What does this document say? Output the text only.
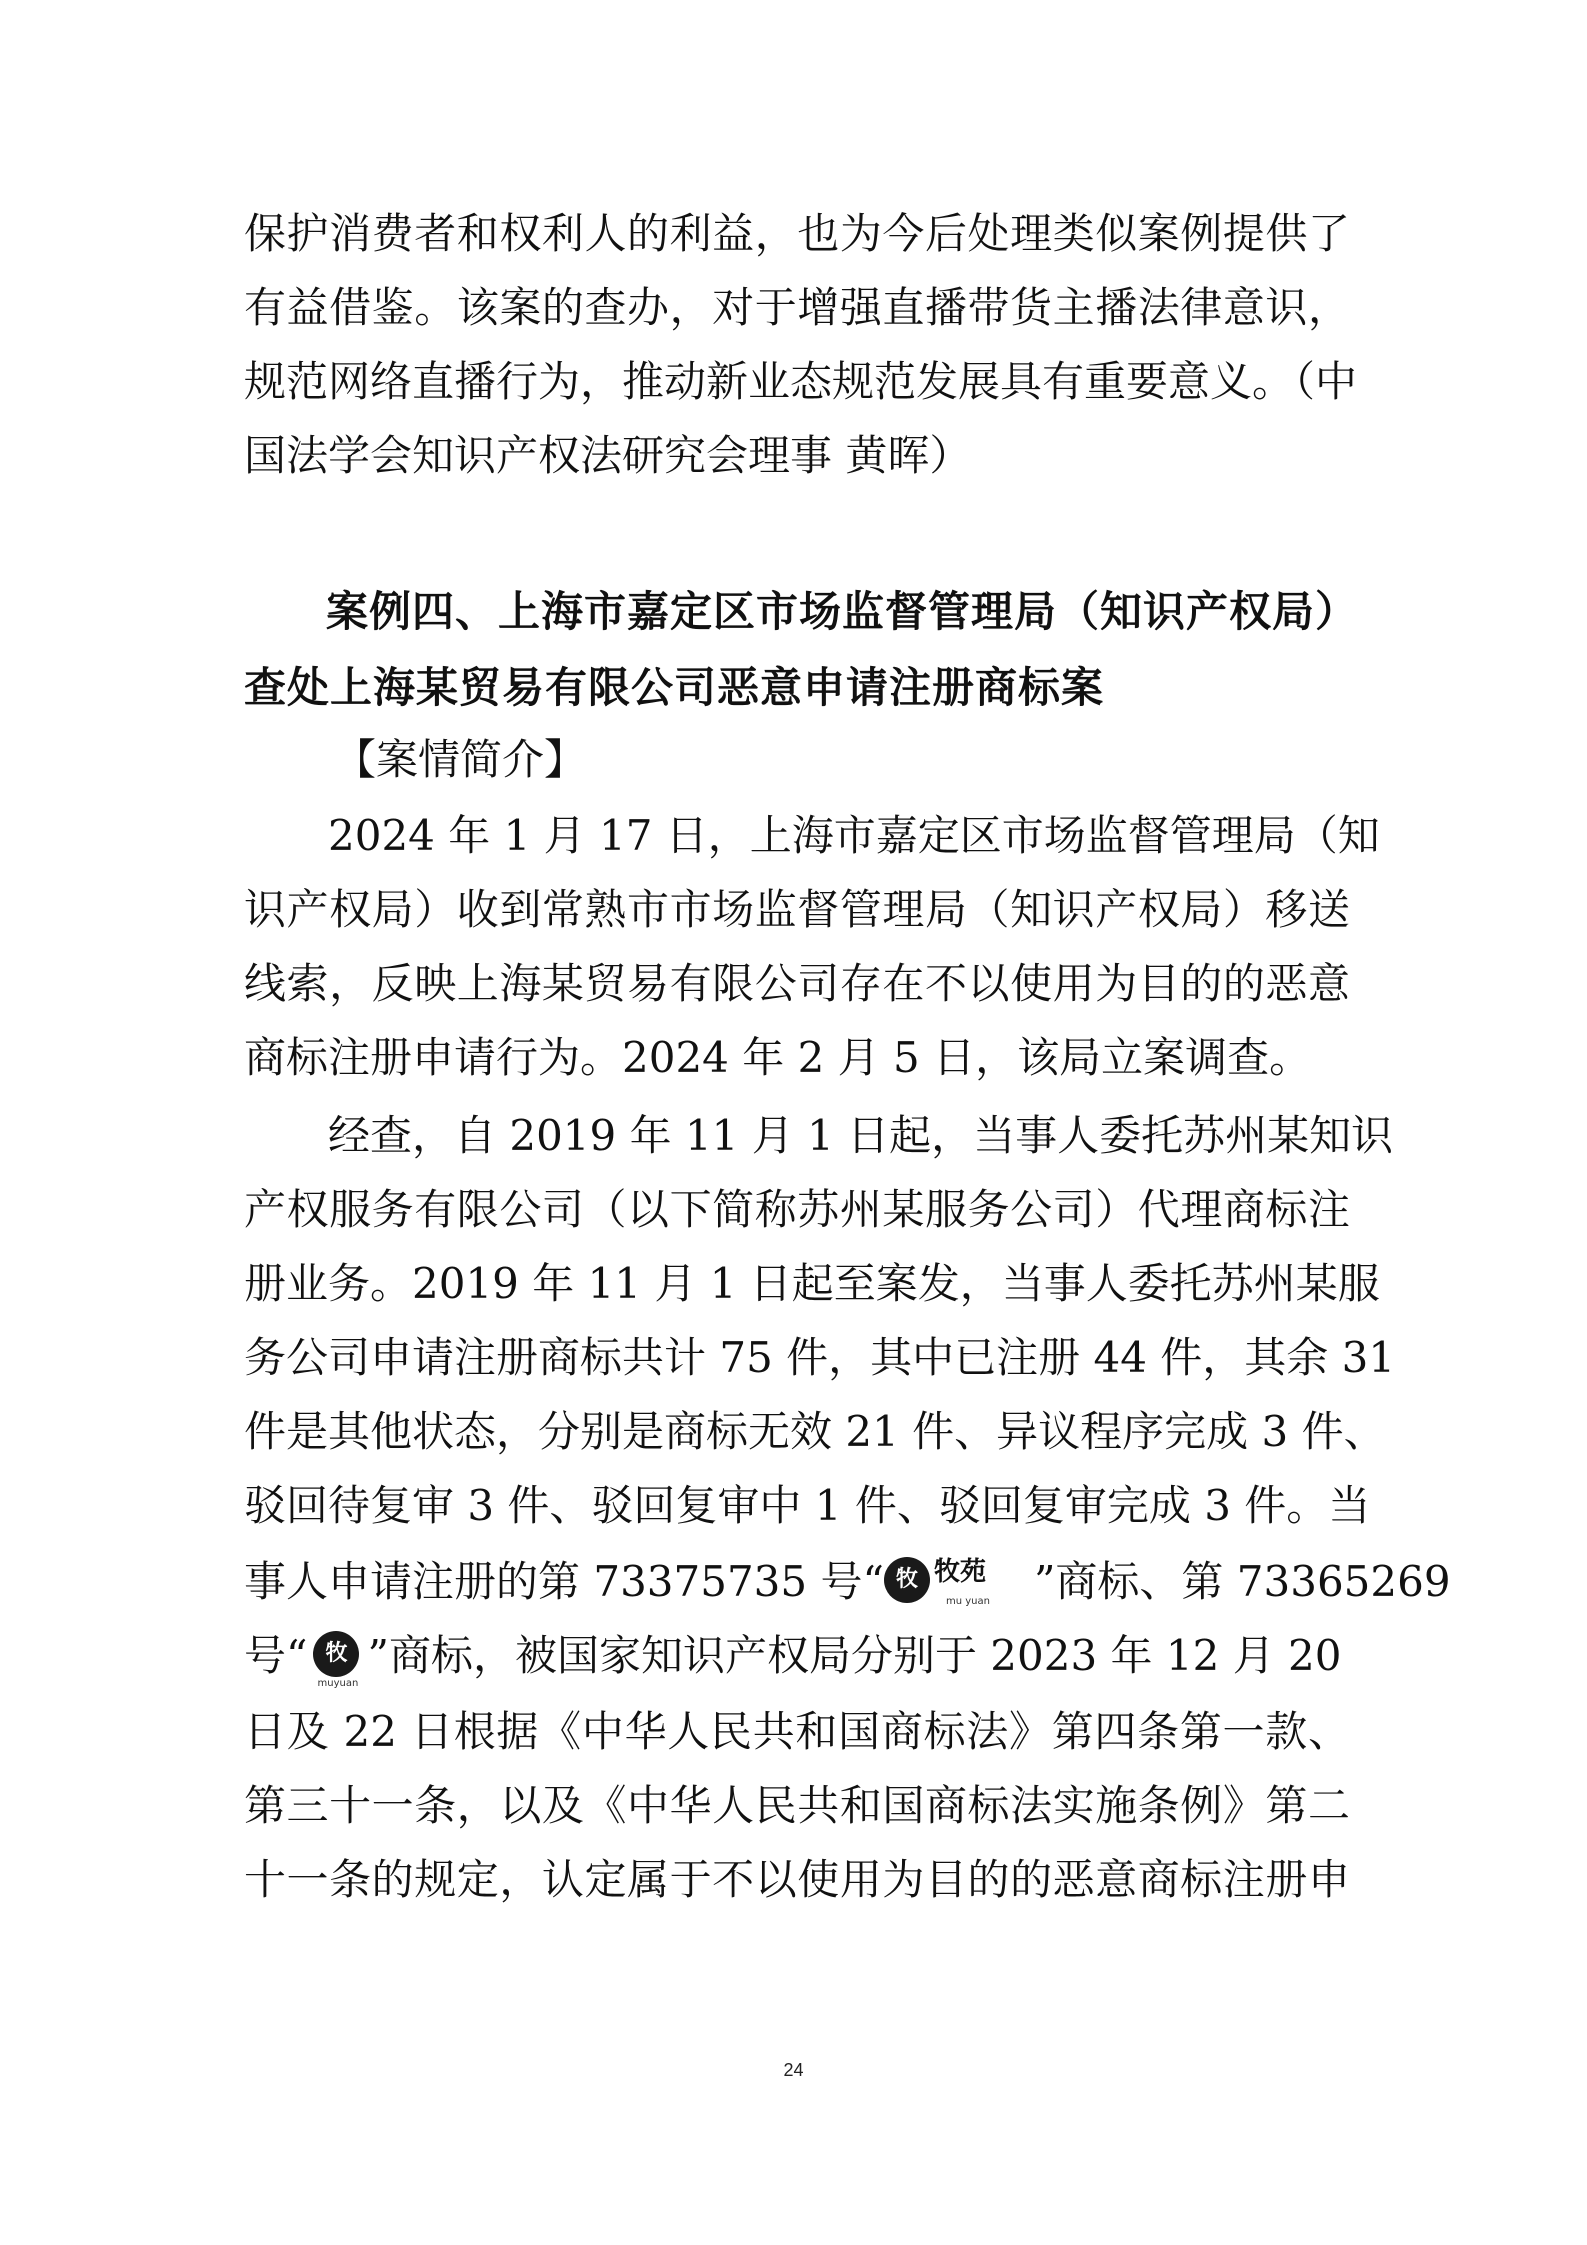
保护消费者和权利人的利益，也为今后处理类似案例提供了
有益借鉴。该案的查办，对于增强直播带货主播法律意识，
规范网络直播行为，推动新业态规范发展具有重要意义。（中
国法学会知识产权法研究会理事 黄晖）
案例四、上海市嘉定区市场监督管理局（知识产权局）
查处上海某贸易有限公司恶意申请注册商标案
【案情简介】
2024 年 1 月 17 日，上海市嘉定区市场监督管理局（知
识产权局）收到常熟市市场监督管理局（知识产权局）移送
线索，反映上海某贸易有限公司存在不以使用为目的的恶意
商标注册申请行为。2024 年 2 月 5 日，该局立案调查。
经查，自 2019 年 11 月 1 日起，当事人委托苏州某知识
产权服务有限公司（以下简称苏州某服务公司）代理商标注
册业务。2019 年 11 月 1 日起至案发，当事人委托苏州某服
务公司申请注册商标共计 75 件，其中已注册 44 件，其余 31
件是其他状态，分别是商标无效 21 件、异议程序完成 3 件、
驳回待复审 3 件、驳回复审中 1 件、驳回复审完成 3 件。当
事人申请注册的第 73375735 号“ 牧 牧苑
mu yuan ”商标、第 73365269
号“ 牧
muyuan
”商标，被国家知识产权局分别于 2023 年 12 月 20
日及 22 日根据《中华人民共和国商标法》第四条第一款、
第三十一条，以及《中华人民共和国商标法实施条例》第二
十一条的规定，认定属于不以使用为目的的恶意商标注册申
24
